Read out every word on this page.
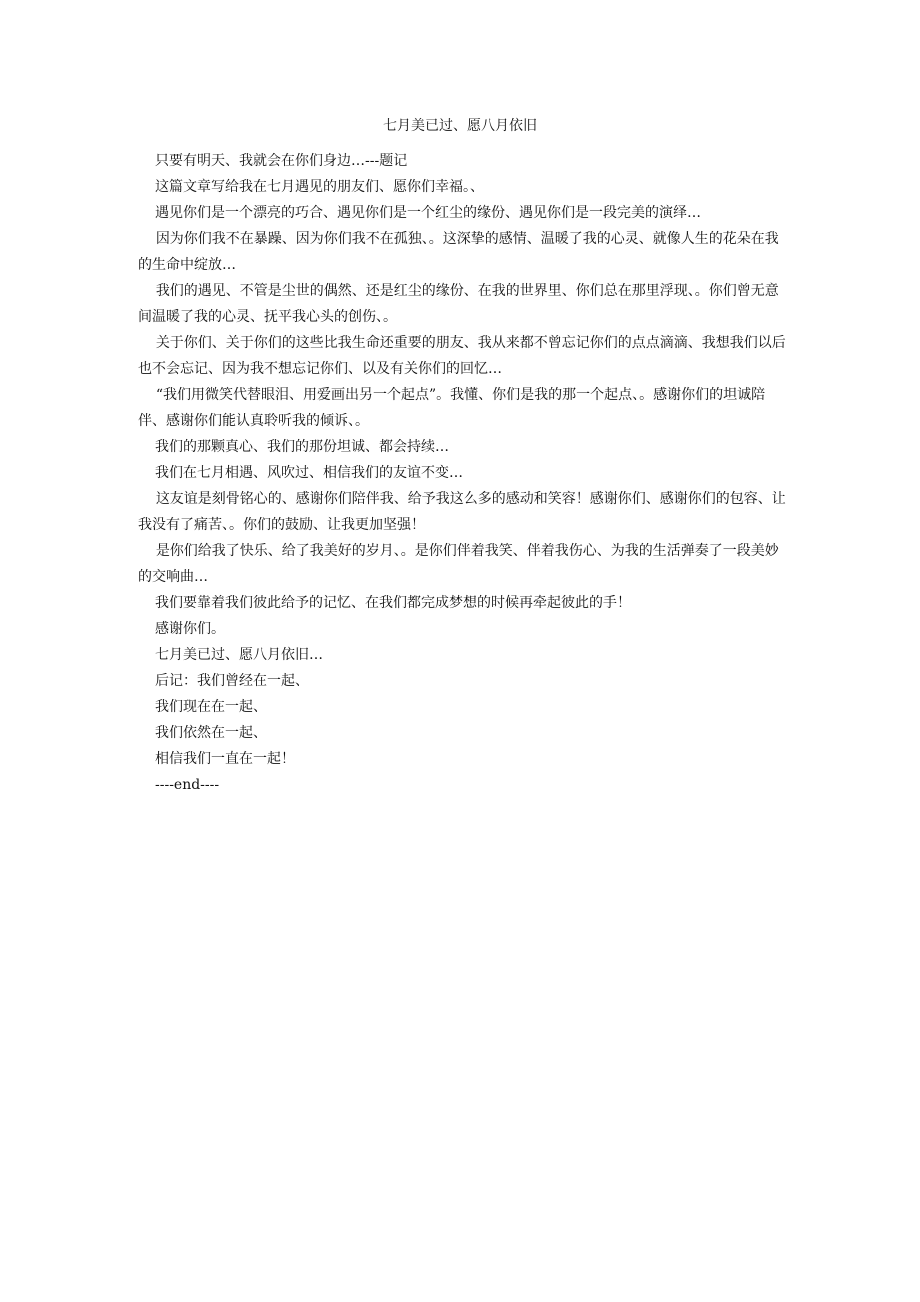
七月美已过、愿八月依旧

只要有明天、我就会在你们身边…---题记

这篇文章写给我在七月遇见的朋友们、愿你们幸福。、

遇见你们是一个漂亮的巧合、遇见你们是一个红尘的缘份、遇见你们是一段完美的演绎…

因为你们我不在暴躁、因为你们我不在孤独、。这深挚的感情、温暖了我的心灵、就像人生的花朵在我的生命中绽放…

我们的遇见、不管是尘世的偶然、还是红尘的缘份、在我的世界里、你们总在那里浮现、。你们曾无意间温暖了我的心灵、抚平我心头的创伤、。

关于你们、关于你们的这些比我生命还重要的朋友、我从来都不曾忘记你们的点点滴滴、我想我们以后也不会忘记、因为我不想忘记你们、以及有关你们的回忆…

“我们用微笑代替眼泪、用爱画出另一个起点”。我懂、你们是我的那一个起点、。感谢你们的坦诚陪伴、感谢你们能认真聆听我的倾诉、。

我们的那颗真心、我们的那份坦诚、都会持续…

我们在七月相遇、风吹过、相信我们的友谊不变…

这友谊是刻骨铭心的、感谢你们陪伴我、给予我这么多的感动和笑容！感谢你们、感谢你们的包容、让我没有了痛苦、。你们的鼓励、让我更加坚强！

是你们给我了快乐、给了我美好的岁月、。是你们伴着我笑、伴着我伤心、为我的生活弹奏了一段美妙的交响曲…

我们要靠着我们彼此给予的记忆、在我们都完成梦想的时候再牵起彼此的手！

感谢你们。

七月美已过、愿八月依旧…

后记：我们曾经在一起、

我们现在在一起、

我们依然在一起、

相信我们一直在一起！

----end----
